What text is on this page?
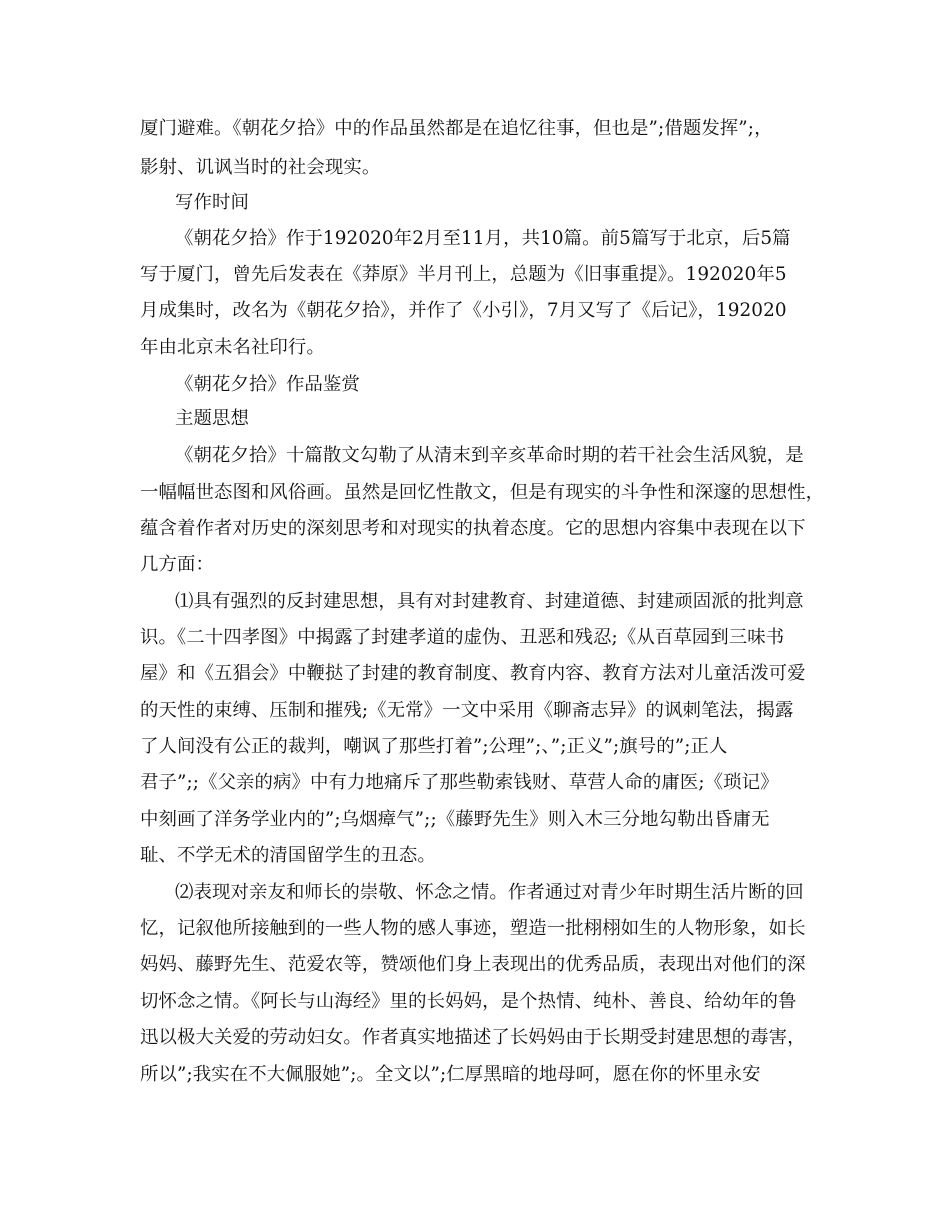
厦门避难。《朝花夕拾》中的作品虽然都是在追忆往事，但也是”;借题发挥”;，
影射、讥讽当时的社会现实。
写作时间
《朝花夕拾》作于192020年2月至11月，共10篇。前5篇写于北京，后5篇
写于厦门，曾先后发表在《莽原》半月刊上，总题为《旧事重提》。192020年5
月成集时，改名为《朝花夕拾》，并作了《小引》，7月又写了《后记》，192020
年由北京未名社印行。
《朝花夕拾》作品鉴赏
主题思想
《朝花夕拾》十篇散文勾勒了从清末到辛亥革命时期的若干社会生活风貌，是
一幅幅世态图和风俗画。虽然是回忆性散文，但是有现实的斗争性和深邃的思想性，
蕴含着作者对历史的深刻思考和对现实的执着态度。它的思想内容集中表现在以下
几方面：
⑴具有强烈的反封建思想，具有对封建教育、封建道德、封建顽固派的批判意
识。《二十四孝图》中揭露了封建孝道的虚伪、丑恶和残忍;《从百草园到三味书
屋》和《五猖会》中鞭挞了封建的教育制度、教育内容、教育方法对儿童活泼可爱
的天性的束缚、压制和摧残;《无常》一文中采用《聊斋志异》的讽刺笔法，揭露
了人间没有公正的裁判，嘲讽了那些打着”;公理”;、”;正义”;旗号的”;正人
君子”;;《父亲的病》中有力地痛斥了那些勒索钱财、草营人命的庸医;《琐记》
中刻画了洋务学业内的”;乌烟瘴气”;;《藤野先生》则入木三分地勾勒出昏庸无
耻、不学无术的清国留学生的丑态。
⑵表现对亲友和师长的崇敬、怀念之情。作者通过对青少年时期生活片断的回
忆，记叙他所接触到的一些人物的感人事迹，塑造一批栩栩如生的人物形象，如长
妈妈、藤野先生、范爱农等，赞颂他们身上表现出的优秀品质，表现出对他们的深
切怀念之情。《阿长与山海经》里的长妈妈，是个热情、纯朴、善良、给幼年的鲁
迅以极大关爱的劳动妇女。作者真实地描述了长妈妈由于长期受封建思想的毒害，
所以”;我实在不大佩服她”;。全文以”;仁厚黑暗的地母呵，愿在你的怀里永安
